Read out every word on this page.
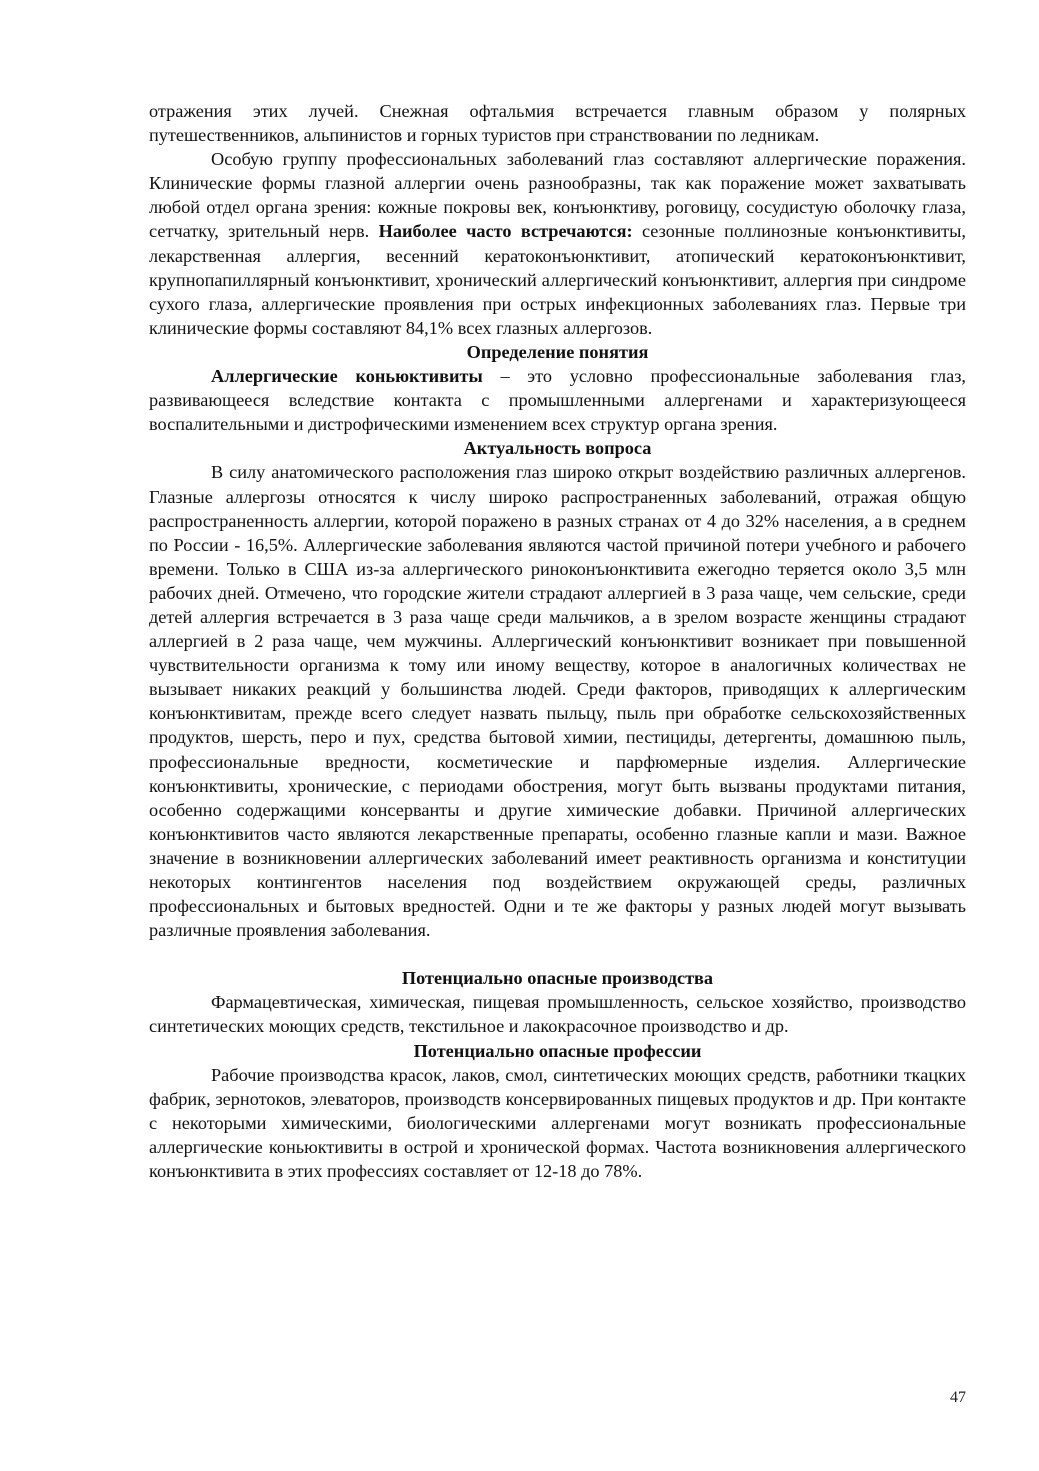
отражения этих лучей. Снежная офтальмия встречается главным образом у полярных путешественников, альпинистов и горных туристов при странствовании по ледникам.

Особую группу профессиональных заболеваний глаз составляют аллергические поражения. Клинические формы глазной аллергии очень разнообразны, так как поражение может захватывать любой отдел органа зрения: кожные покровы век, конъюнктиву, роговицу, сосудистую оболочку глаза, сетчатку, зрительный нерв. Наиболее часто встречаются: сезонные поллинозные конъюнктивиты, лекарственная аллергия, весенний кератоконъюнктивит, атопический кератоконъюнктивит, крупнопапиллярный конъюнктивит, хронический аллергический конъюнктивит, аллергия при синдроме сухого глаза, аллергические проявления при острых инфекционных заболеваниях глаз. Первые три клинические формы составляют 84,1% всех глазных аллергозов.

Определение понятия

Аллергические коньюктивиты – это условно профессиональные заболевания глаз, развивающееся вследствие контакта с промышленными аллергенами и характеризующееся воспалительными и дистрофическими изменением всех структур органа зрения.

Актуальность вопроса

В силу анатомического расположения глаз широко открыт воздействию различных аллергенов. Глазные аллергозы относятся к числу широко распространенных заболеваний, отражая общую распространенность аллергии, которой поражено в разных странах от 4 до 32% населения, а в среднем по России - 16,5%. Аллергические заболевания являются частой причиной потери учебного и рабочего времени. Только в США из-за аллергического риноконъюнктивита ежегодно теряется около 3,5 млн рабочих дней. Отмечено, что городские жители страдают аллергией в 3 раза чаще, чем сельские, среди детей аллергия встречается в 3 раза чаще среди мальчиков, а в зрелом возрасте женщины страдают аллергией в 2 раза чаще, чем мужчины. Аллергический конъюнктивит возникает при повышенной чувствительности организма к тому или иному веществу, которое в аналогичных количествах не вызывает никаких реакций у большинства людей. Среди факторов, приводящих к аллергическим конъюнктивитам, прежде всего следует назвать пыльцу, пыль при обработке сельскохозяйственных продуктов, шерсть, перо и пух, средства бытовой химии, пестициды, детергенты, домашнюю пыль, профессиональные вредности, косметические и парфюмерные изделия. Аллергические конъюнктивиты, хронические, с периодами обострения, могут быть вызваны продуктами питания, особенно содержащими консерванты и другие химические добавки. Причиной аллергических конъюнктивитов часто являются лекарственные препараты, особенно глазные капли и мази. Важное значение в возникновении аллергических заболеваний имеет реактивность организма и конституции некоторых контингентов населения под воздействием окружающей среды, различных профессиональных и бытовых вредностей. Одни и те же факторы у разных людей могут вызывать различные проявления заболевания.

Потенциально опасные производства

Фармацевтическая, химическая, пищевая промышленность, сельское хозяйство, производство синтетических моющих средств, текстильное и лакокрасочное производство и др.

Потенциально опасные профессии

Рабочие производства красок, лаков, смол, синтетических моющих средств, работники ткацких фабрик, зернотоков, элеваторов, производств консервированных пищевых продуктов и др. При контакте с некоторыми химическими, биологическими аллергенами могут возникать профессиональные аллергические коньюктивиты в острой и хронической формах. Частота возникновения аллергического конъюнктивита в этих профессиях составляет от 12-18 до 78%.

47
